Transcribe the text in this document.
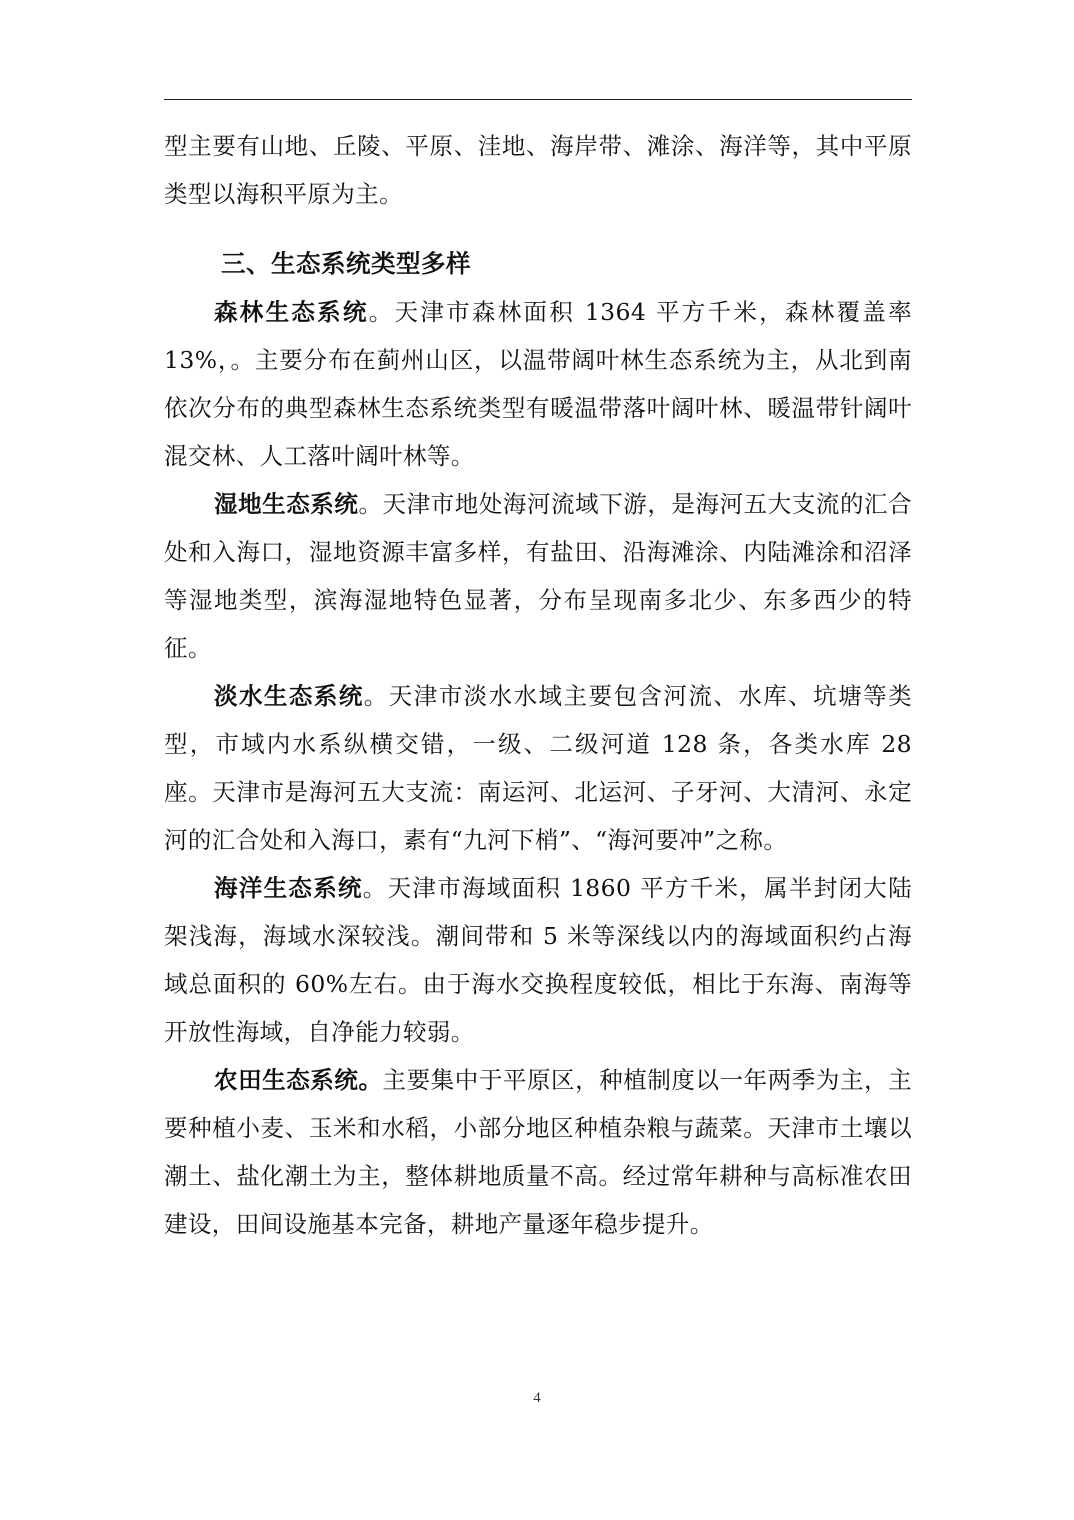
型主要有山地、丘陵、平原、洼地、海岸带、滩涂、海洋等，其中平原类型以海积平原为主。

三、生态系统类型多样

森林生态系统。天津市森林面积 1364 平方千米，森林覆盖率 13%，。主要分布在蓟州山区，以温带阔叶林生态系统为主，从北到南依次分布的典型森林生态系统类型有暖温带落叶阔叶林、暖温带针阔叶混交林、人工落叶阔叶林等。

湿地生态系统。天津市地处海河流域下游，是海河五大支流的汇合处和入海口，湿地资源丰富多样，有盐田、沿海滩涂、内陆滩涂和沼泽等湿地类型，滨海湿地特色显著，分布呈现南多北少、东多西少的特征。

淡水生态系统。天津市淡水水域主要包含河流、水库、坑塘等类型，市域内水系纵横交错，一级、二级河道 128 条，各类水库 28 座。天津市是海河五大支流：南运河、北运河、子牙河、大清河、永定河的汇合处和入海口，素有“九河下梢”、“海河要冲”之称。

海洋生态系统。天津市海域面积 1860 平方千米，属半封闭大陆架浅海，海域水深较浅。潮间带和 5 米等深线以内的海域面积约占海域总面积的 60%左右。由于海水交换程度较低，相比于东海、南海等开放性海域，自净能力较弱。

农田生态系统。主要集中于平原区，种植制度以一年两季为主，主要种植小麦、玉米和水稻，小部分地区种植杂粮与蔬菜。天津市土壤以潮土、盐化潮土为主，整体耕地质量不高。经过常年耕种与高标准农田建设，田间设施基本完备，耕地产量逐年稳步提升。

4
